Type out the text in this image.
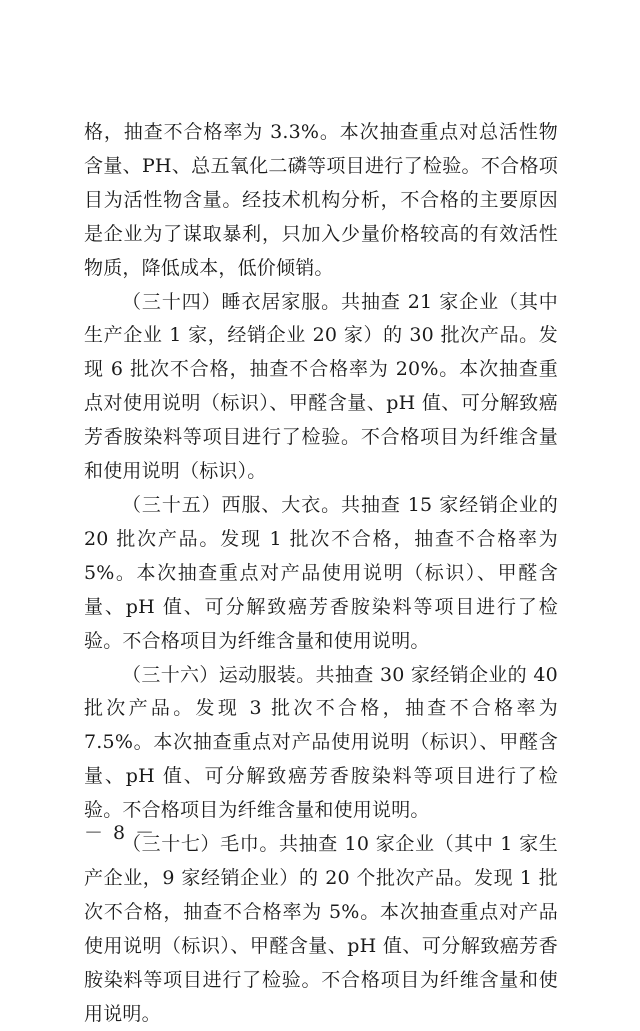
格，抽查不合格率为 3.3%。本次抽查重点对总活性物含量、PH、总五氧化二磷等项目进行了检验。不合格项目为活性物含量。经技术机构分析，不合格的主要原因是企业为了谋取暴利，只加入少量价格较高的有效活性物质，降低成本，低价倾销。

（三十四）睡衣居家服。共抽查 21 家企业（其中生产企业 1 家，经销企业 20 家）的 30 批次产品。发现 6 批次不合格，抽查不合格率为 20%。本次抽查重点对使用说明（标识）、甲醛含量、pH 值、可分解致癌芳香胺染料等项目进行了检验。不合格项目为纤维含量和使用说明（标识）。

（三十五）西服、大衣。共抽查 15 家经销企业的 20 批次产品。发现 1 批次不合格，抽查不合格率为 5%。本次抽查重点对产品使用说明（标识）、甲醛含量、pH 值、可分解致癌芳香胺染料等项目进行了检验。不合格项目为纤维含量和使用说明。

（三十六）运动服装。共抽查 30 家经销企业的 40 批次产品。发现 3 批次不合格，抽查不合格率为 7.5%。本次抽查重点对产品使用说明（标识）、甲醛含量、pH 值、可分解致癌芳香胺染料等项目进行了检验。不合格项目为纤维含量和使用说明。

（三十七）毛巾。共抽查 10 家企业（其中 1 家生产企业，9 家经销企业）的 20 个批次产品。发现 1 批次不合格，抽查不合格率为 5%。本次抽查重点对产品使用说明（标识）、甲醛含量、pH 值、可分解致癌芳香胺染料等项目进行了检验。不合格项目为纤维含量和使用说明。

－ 8 －
